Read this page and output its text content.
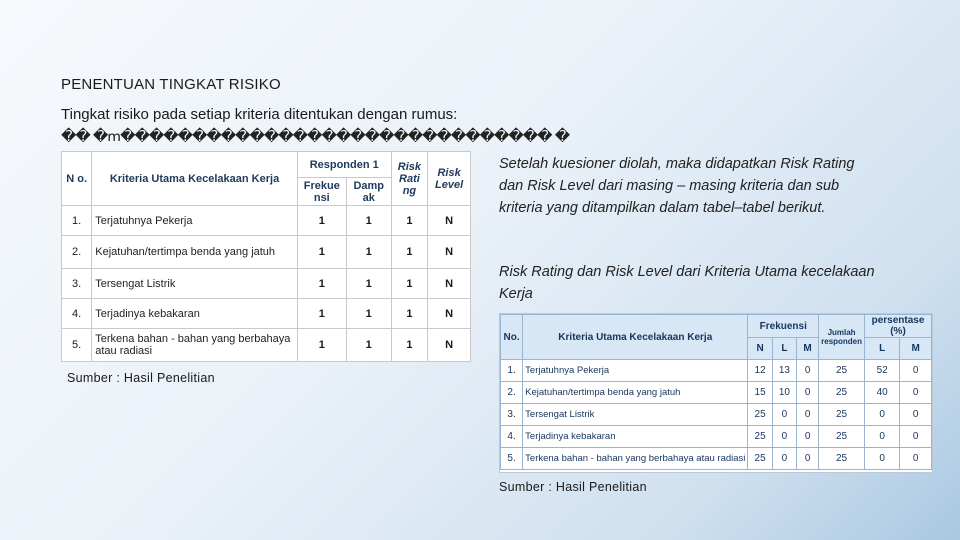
PENENTUAN TINGKAT RISIKO
Tingkat risiko pada setiap kriteria ditentukan dengan rumus:
�� �ՠ������������������������������ �
N o.	Kriteria Utama Kecelakaan Kerja	Responden 1		Risk Rati ng	Risk Level
		Frekue nsi	Damp ak		
1.	Terjatuhnya Pekerja	1	1	1	N
2.	Kejatuhan/tertimpa benda yang jatuh	1	1	1	N
3.	Tersengat Listrik	1	1	1	N
4.	Terjadinya kebakaran	1	1	1	N
5.	Terkena bahan - bahan yang berbahaya atau radiasi	1	1	1	N
Sumber : Hasil Penelitian
Setelah kuesioner diolah, maka didapatkan Risk Rating dan Risk Level dari masing – masing kriteria dan sub kriteria yang ditampilkan dalam tabel–tabel berikut.
Risk Rating dan Risk Level dari Kriteria Utama kecelakaan Kerja
No.	Kriteria Utama Kecelakaan Kerja	Frekuensi			Jumlah responden	persentase (%)	
		N	L	M		L	M
1.	Terjatuhnya Pekerja	12	13	0	25	52	0
2.	Kejatuhan/tertimpa benda yang jatuh	15	10	0	25	40	0
3.	Tersengat Listrik	25	0	0	25	0	0
4.	Terjadinya kebakaran	25	0	0	25	0	0
5.	Terkena bahan - bahan yang berbahaya atau radiasi	25	0	0	25	0	0
Sumber : Hasil Penelitian
